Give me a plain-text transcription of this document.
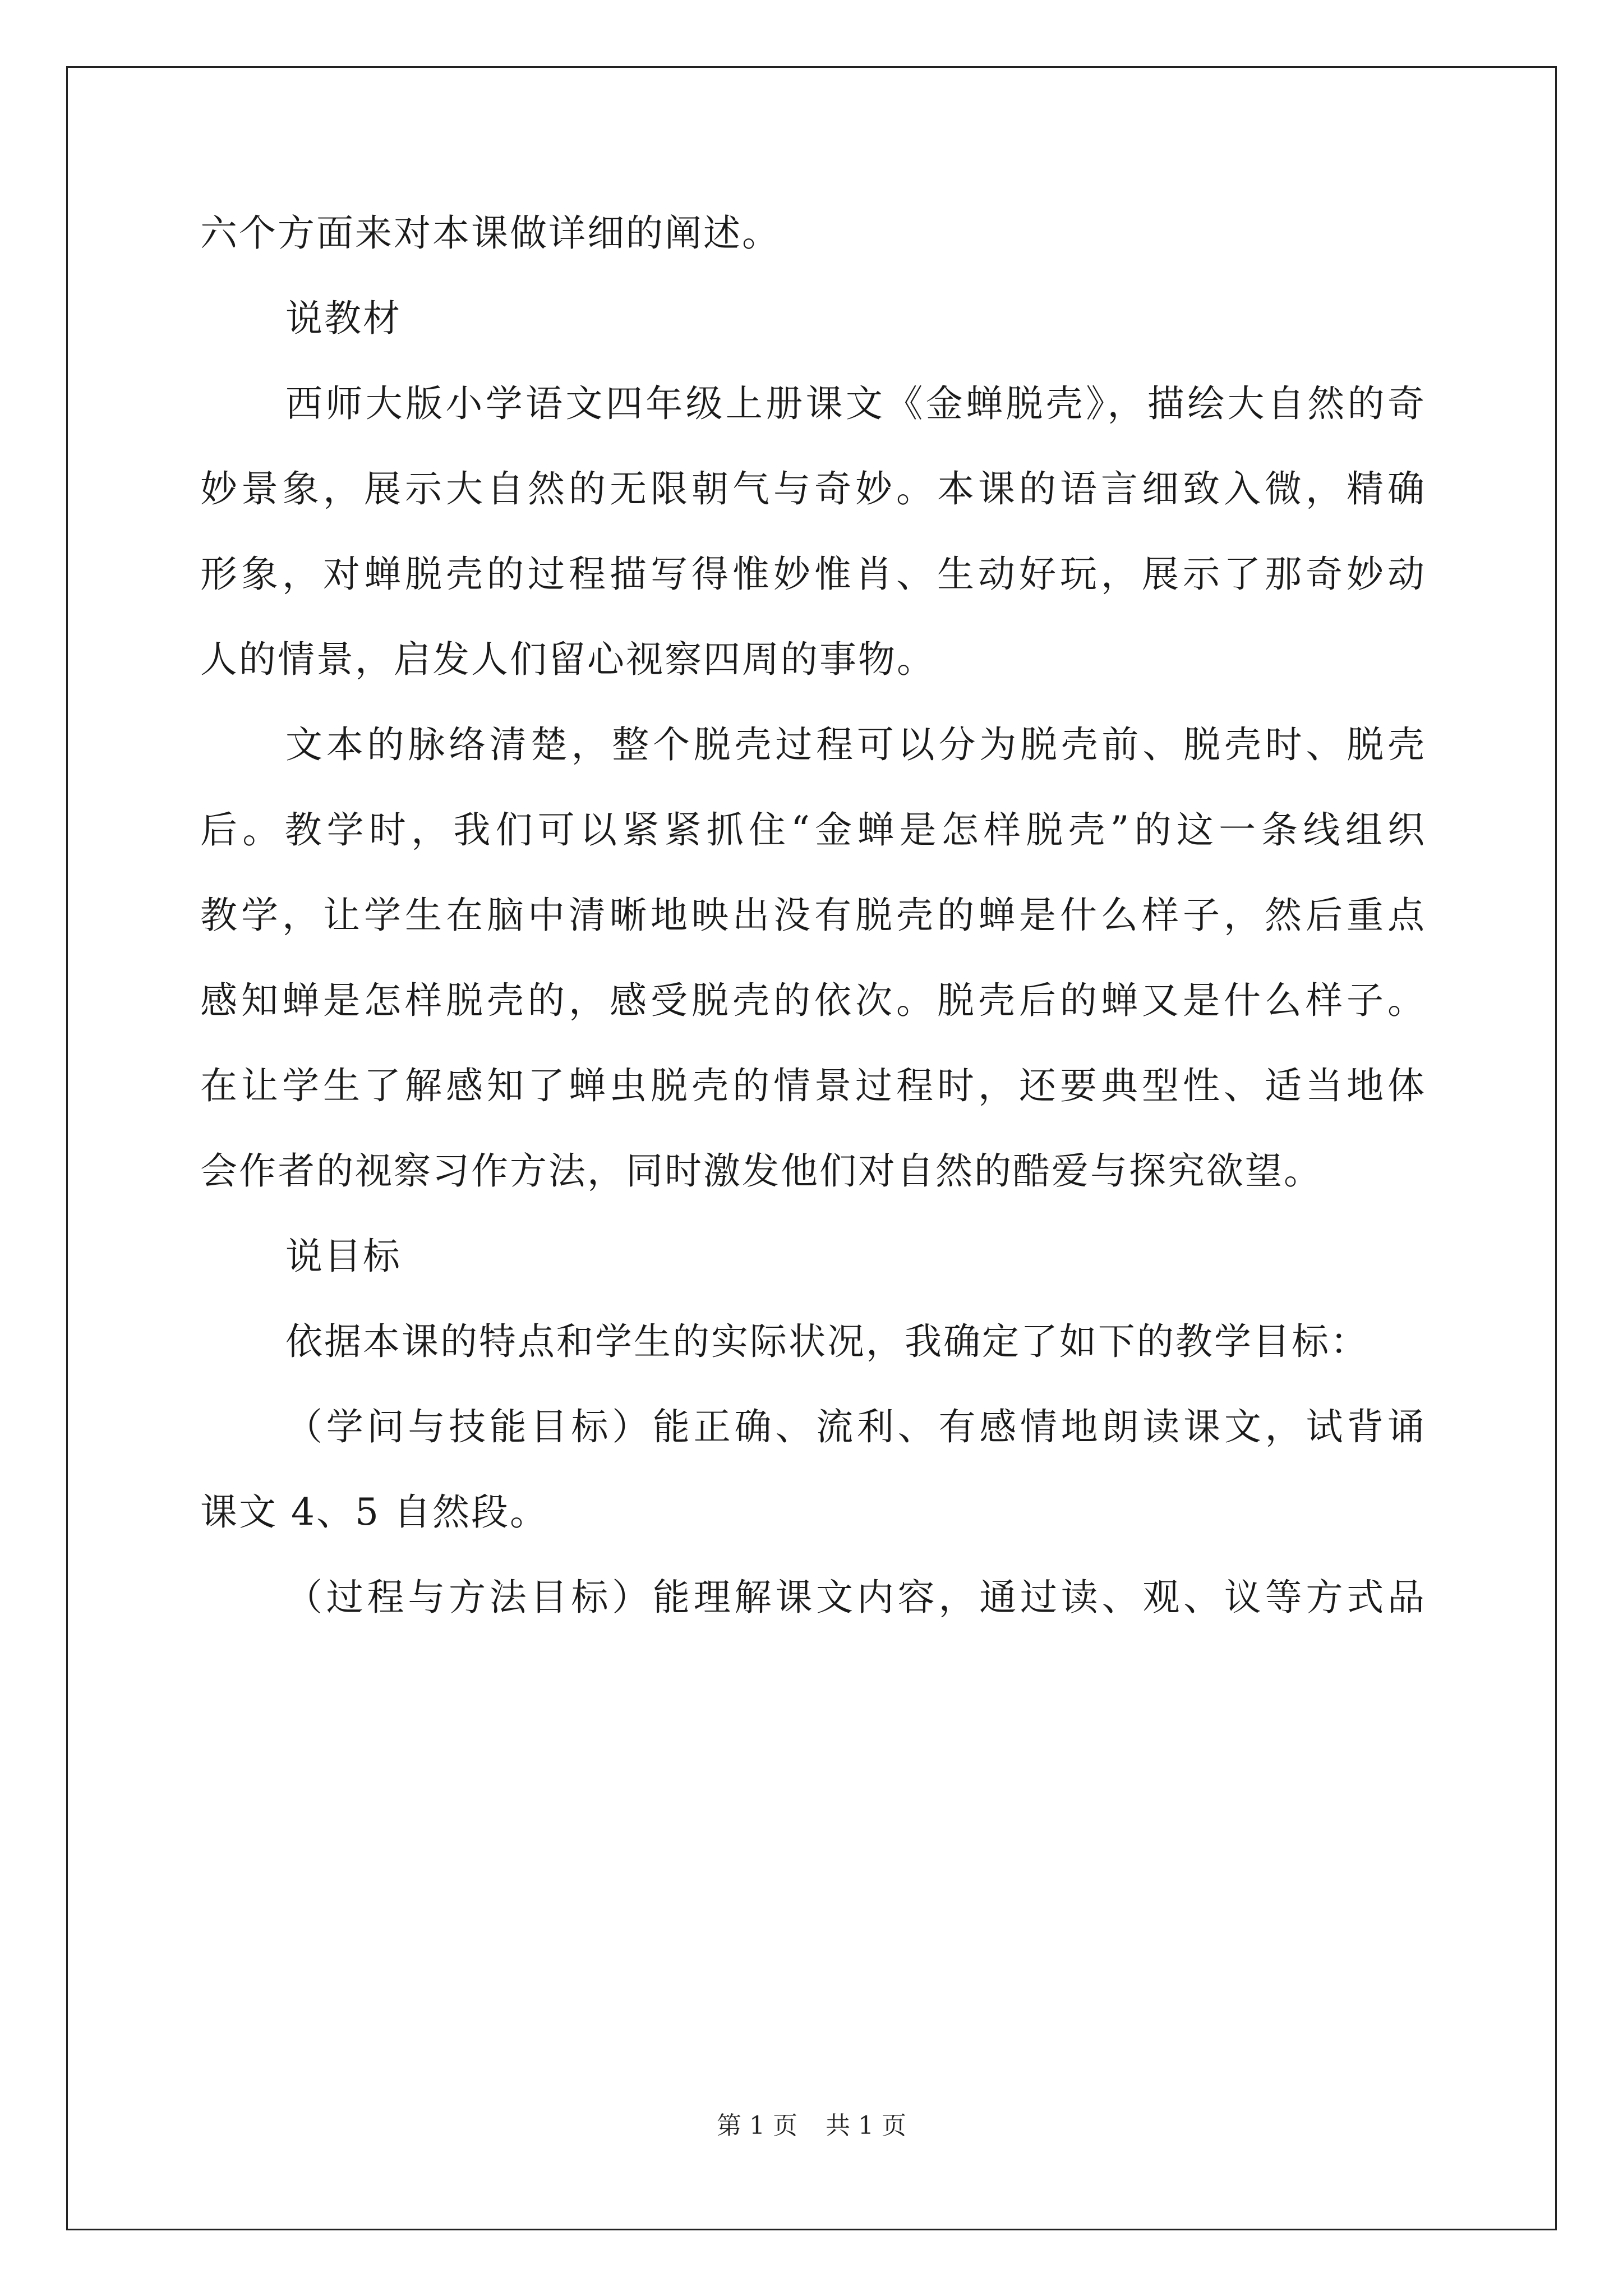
六个方面来对本课做详细的阐述。
说教材
西师大版小学语文四年级上册课文《金蝉脱壳》，描绘大自然的奇
妙景象，展示大自然的无限朝气与奇妙。本课的语言细致入微，精确
形象，对蝉脱壳的过程描写得惟妙惟肖、生动好玩，展示了那奇妙动
人的情景，启发人们留心视察四周的事物。
文本的脉络清楚，整个脱壳过程可以分为脱壳前、脱壳时、脱壳
后。教学时，我们可以紧紧抓住“金蝉是怎样脱壳”的这一条线组织
教学，让学生在脑中清晰地映出没有脱壳的蝉是什么样子，然后重点
感知蝉是怎样脱壳的，感受脱壳的依次。脱壳后的蝉又是什么样子。
在让学生了解感知了蝉虫脱壳的情景过程时，还要典型性、适当地体
会作者的视察习作方法，同时激发他们对自然的酷爱与探究欲望。
说目标
依据本课的特点和学生的实际状况，我确定了如下的教学目标：
（学问与技能目标）能正确、流利、有感情地朗读课文，试背诵
课文 4、5 自然段。
（过程与方法目标）能理解课文内容，通过读、观、议等方式品
第 1 页 共 1 页
